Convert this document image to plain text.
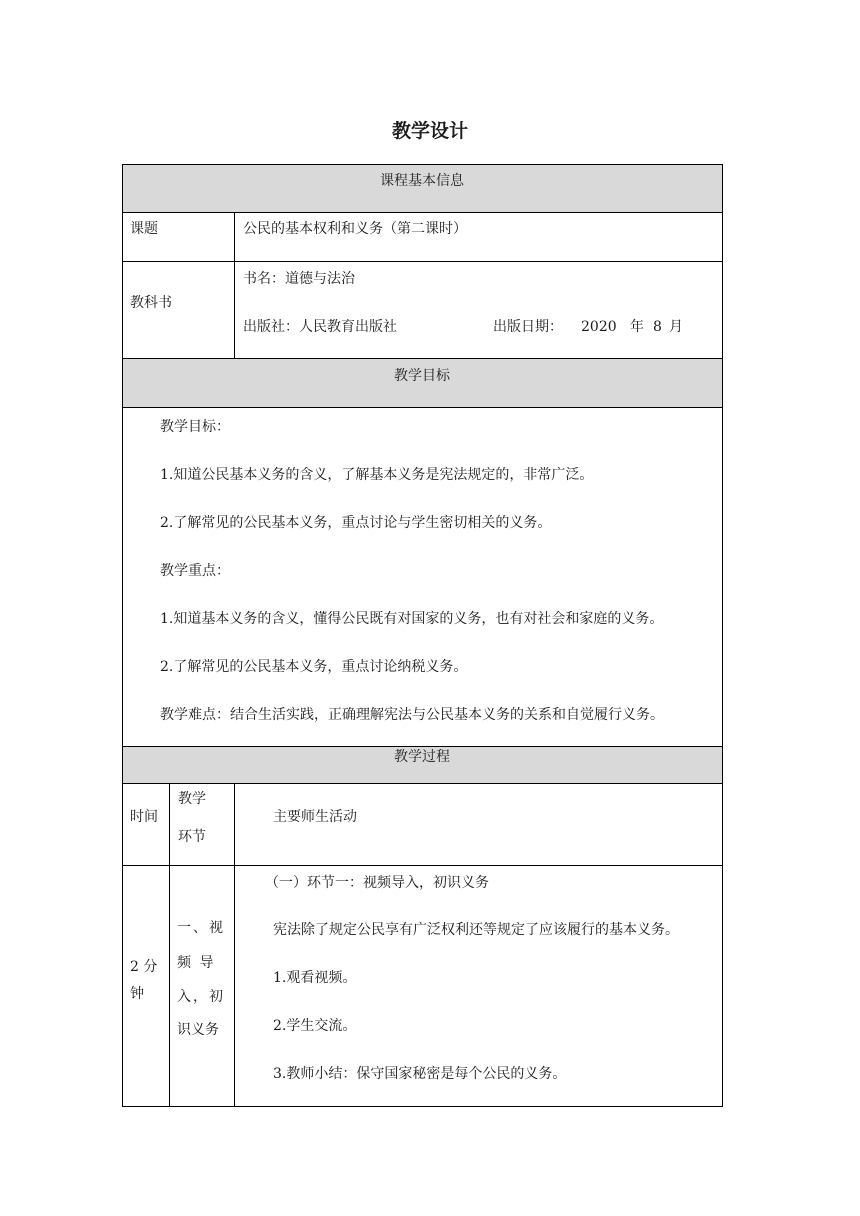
教学设计
课程基本信息
教学目标
教学过程
课题	公民的基本权利和义务（第二课时）
教科书
书名：道德与法治
出版社：人民教育出版社	出版日期： 2020 年 8 月
教学目标：
1.知道公民基本义务的含义，了解基本义务是宪法规定的，非常广泛。
2.了解常见的公民基本义务，重点讨论与学生密切相关的义务。
教学重点：
1.知道基本义务的含义，懂得公民既有对国家的义务，也有对社会和家庭的义务。
2.了解常见的公民基本义务，重点讨论纳税义务。
教学难点：结合生活实践，正确理解宪法与公民基本义务的关系和自觉履行义务。
时间
教学
环节
主要师生活动
2 分
钟
一、视
频 导
入，初
识义务
（一）环节一：视频导入，初识义务
宪法除了规定公民享有广泛权利还等规定了应该履行的基本义务。
1.观看视频。
2.学生交流。
3.教师小结：保守国家秘密是每个公民的义务。
